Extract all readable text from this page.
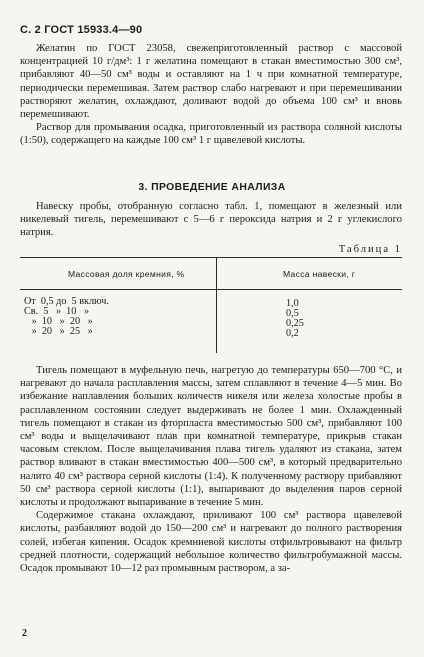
С. 2 ГОСТ 15933.4—90

Желатин по ГОСТ 23058, свежеприготовленный раствор с массовой концентрацией 10 г/дм³: 1 г желатина помещают в стакан вместимостью 300 см³, прибавляют 40—50 см³ воды и оставляют на 1 ч при комнатной температуре, периодически перемешивая. Затем раствор слабо нагревают и при перемешивании растворяют желатин, охлаждают, доливают водой до объема 100 см³ и вновь перемешивают.

Раствор для промывания осадка, приготовленный из раствора соляной кислоты (1:50), содержащего на каждые 100 см³ 1 г щавелевой кислоты.

3. ПРОВЕДЕНИЕ АНАЛИЗА

Навеску пробы, отобранную согласно табл. 1, помещают в железный или никелевый тигель, перемешивают с 5—6 г пероксида натрия и 2 г углекислого натрия.

Таблица 1
Массовая доля кремния, %	Масса навески, г
От  0,5 до  5 включ.	1,0
Св.  5   »  10   »	0,5
»  10   »  20   »	0,25
»  20   »  25   »	0,2

Тигель помещают в муфельную печь, нагретую до температуры 650—700 °С, и нагревают до начала расплавления массы, затем сплавляют в течение 4—5 мин. Во избежание наплавления больших количеств никеля или железа холостые пробы в расплавленном состоянии следует выдерживать не более 1 мин. Охлажденный тигель помещают в стакан из фторпласта вместимостью 500 см³, прибавляют 100 см³ воды и выщелачивают плав при комнатной температуре, прикрыв стакан часовым стеклом. После выщелачивания плава тигель удаляют из стакана, затем раствор вливают в стакан вместимостью 400—500 см³, в который предварительно налито 40 см³ раствора серной кислоты (1:4). К полученному раствору прибавляют 50 см³ раствора серной кислоты (1:1), выпаривают до выделения паров серной кислоты и продолжают выпаривание в течение 5 мин.

Содержимое стакана охлаждают, приливают 100 см³ раствора щавелевой кислоты, разбавляют водой до 150—200 см³ и нагревают до полного растворения солей, избегая кипения. Осадок кремниевой кислоты отфильтровывают на фильтр средней плотности, содержащий небольшое количество фильтробумажной массы. Осадок промывают 10—12 раз промывным раствором, а за-

2
